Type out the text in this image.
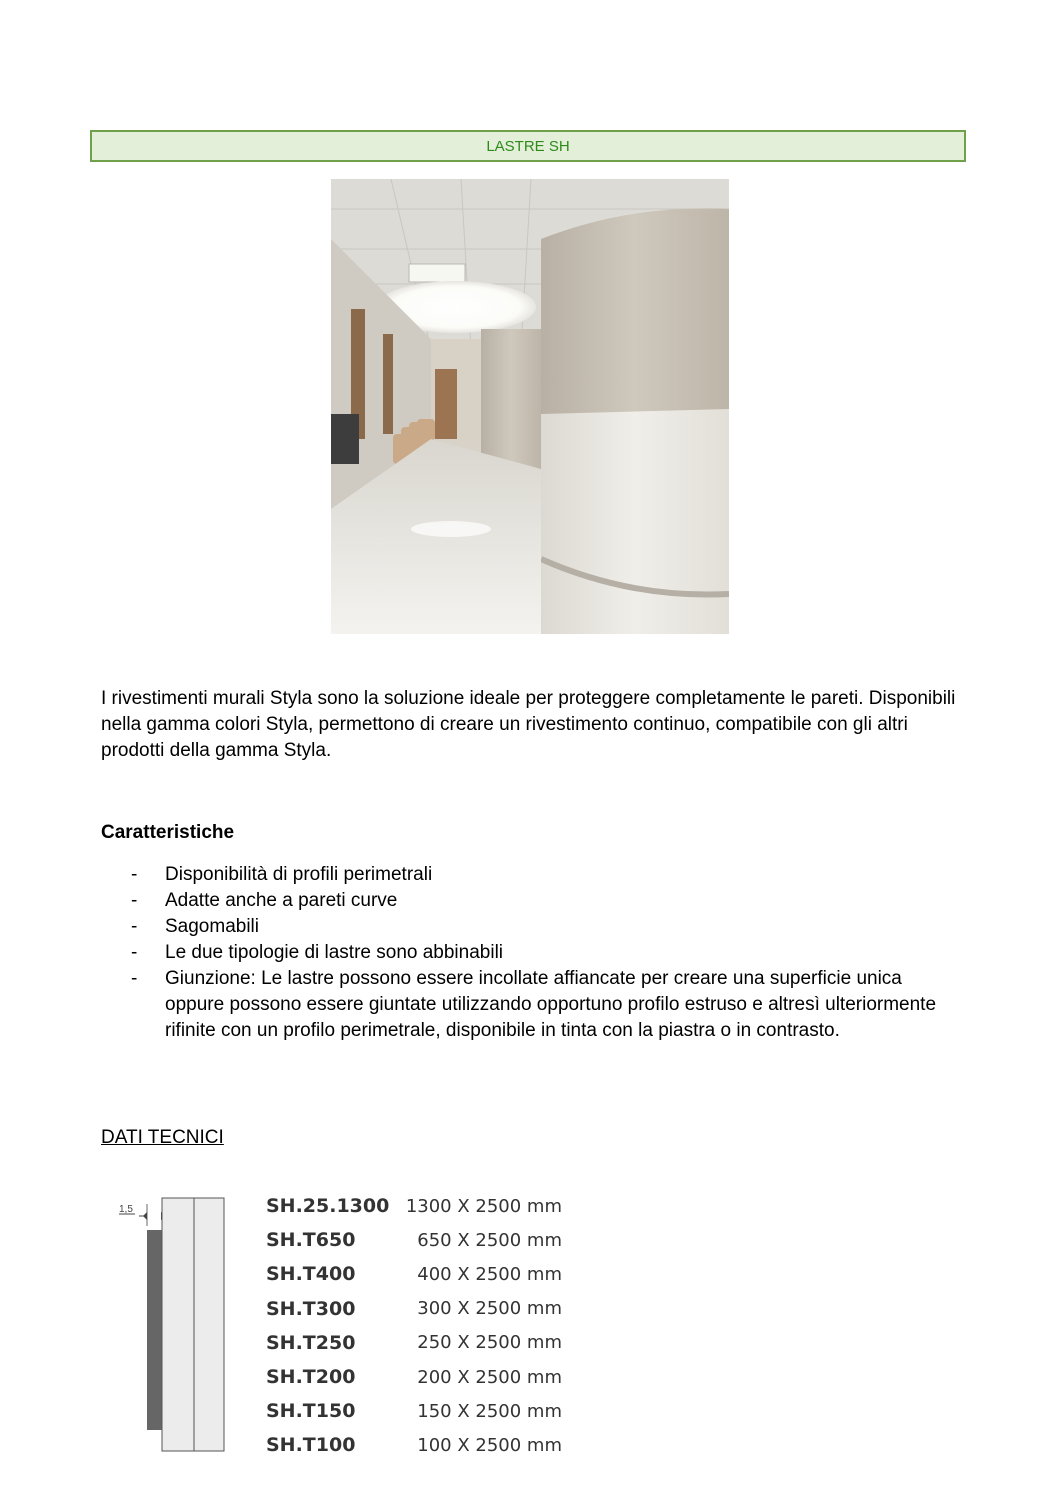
LASTRE SH

I rivestimenti murali Styla sono la soluzione ideale per proteggere completamente le pareti. Disponibili nella gamma colori Styla, permettono di creare un rivestimento continuo, compatibile con gli altri prodotti della gamma Styla.

Caratteristiche
-	Disponibilità di profili perimetrali
-	Adatte anche a pareti curve
-	Sagomabili
-	Le due tipologie di lastre sono abbinabili
-	Giunzione: Le lastre possono essere incollate affiancate per creare una superficie unica oppure possono essere giuntate utilizzando opportuno profilo estruso e altresì ulteriormente rifinite con un profilo perimetrale, disponibile in tinta con la piastra o in contrasto.
DATI TECNICI
1,5	SH.25.1300	1300 X 2500 mm
SH.T650	650 X 2500 mm
SH.T400	400 X 2500 mm
SH.T300	300 X 2500 mm
SH.T250	250 X 2500 mm
SH.T200	200 X 2500 mm
SH.T150	150 X 2500 mm
SH.T100	100 X 2500 mm
